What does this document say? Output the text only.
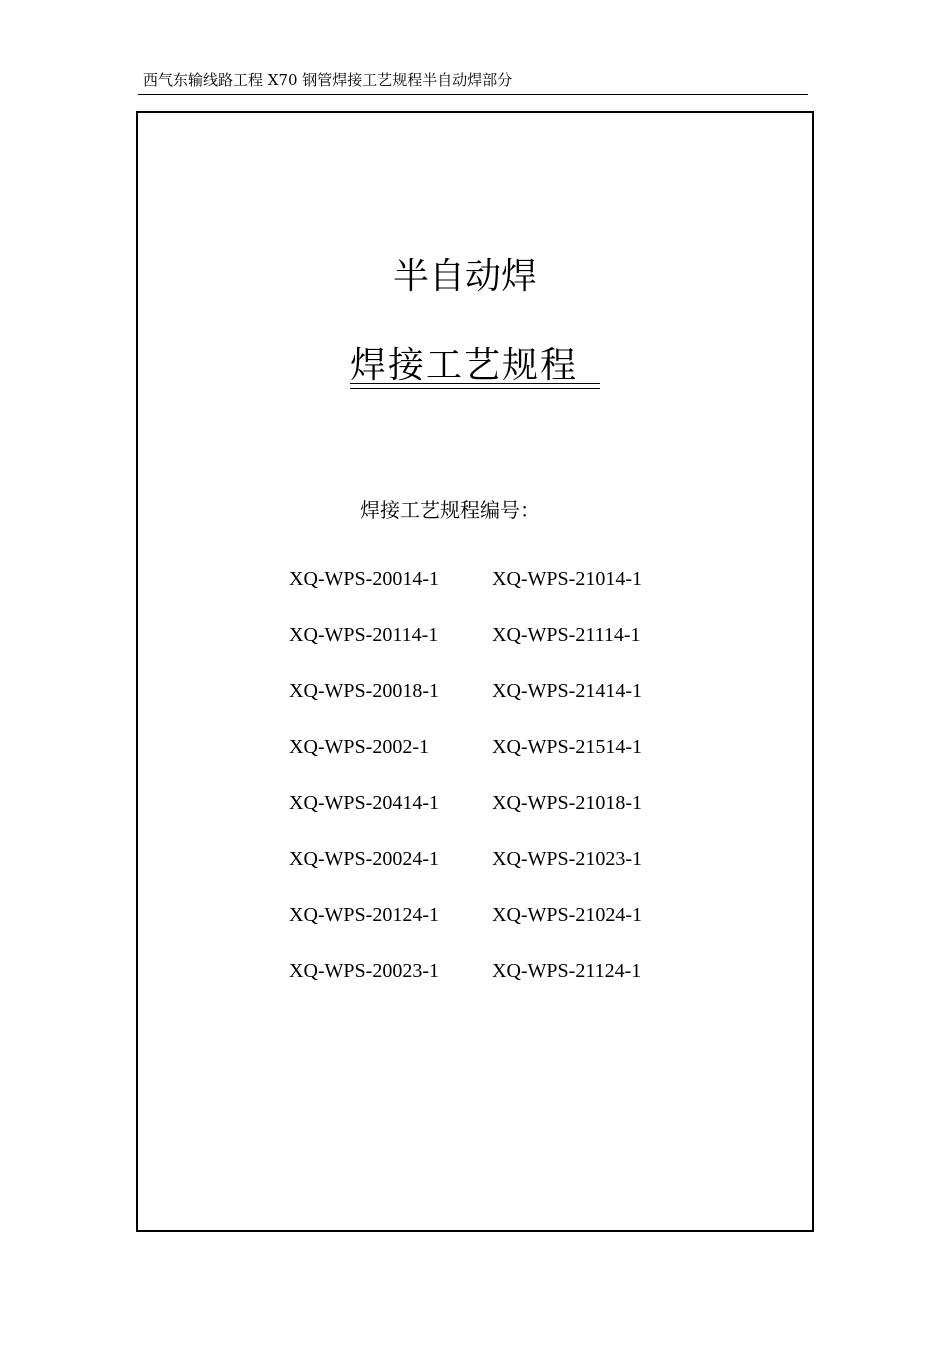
西气东输线路工程 X70 钢管焊接工艺规程半自动焊部分
半自动焊
焊接工艺规程
焊接工艺规程编号：
XQ-WPS-20014-1
XQ-WPS-20114-1
XQ-WPS-20018-1
XQ-WPS-2002-1
XQ-WPS-20414-1
XQ-WPS-20024-1
XQ-WPS-20124-1
XQ-WPS-20023-1
XQ-WPS-21014-1
XQ-WPS-21114-1
XQ-WPS-21414-1
XQ-WPS-21514-1
XQ-WPS-21018-1
XQ-WPS-21023-1
XQ-WPS-21024-1
XQ-WPS-21124-1
